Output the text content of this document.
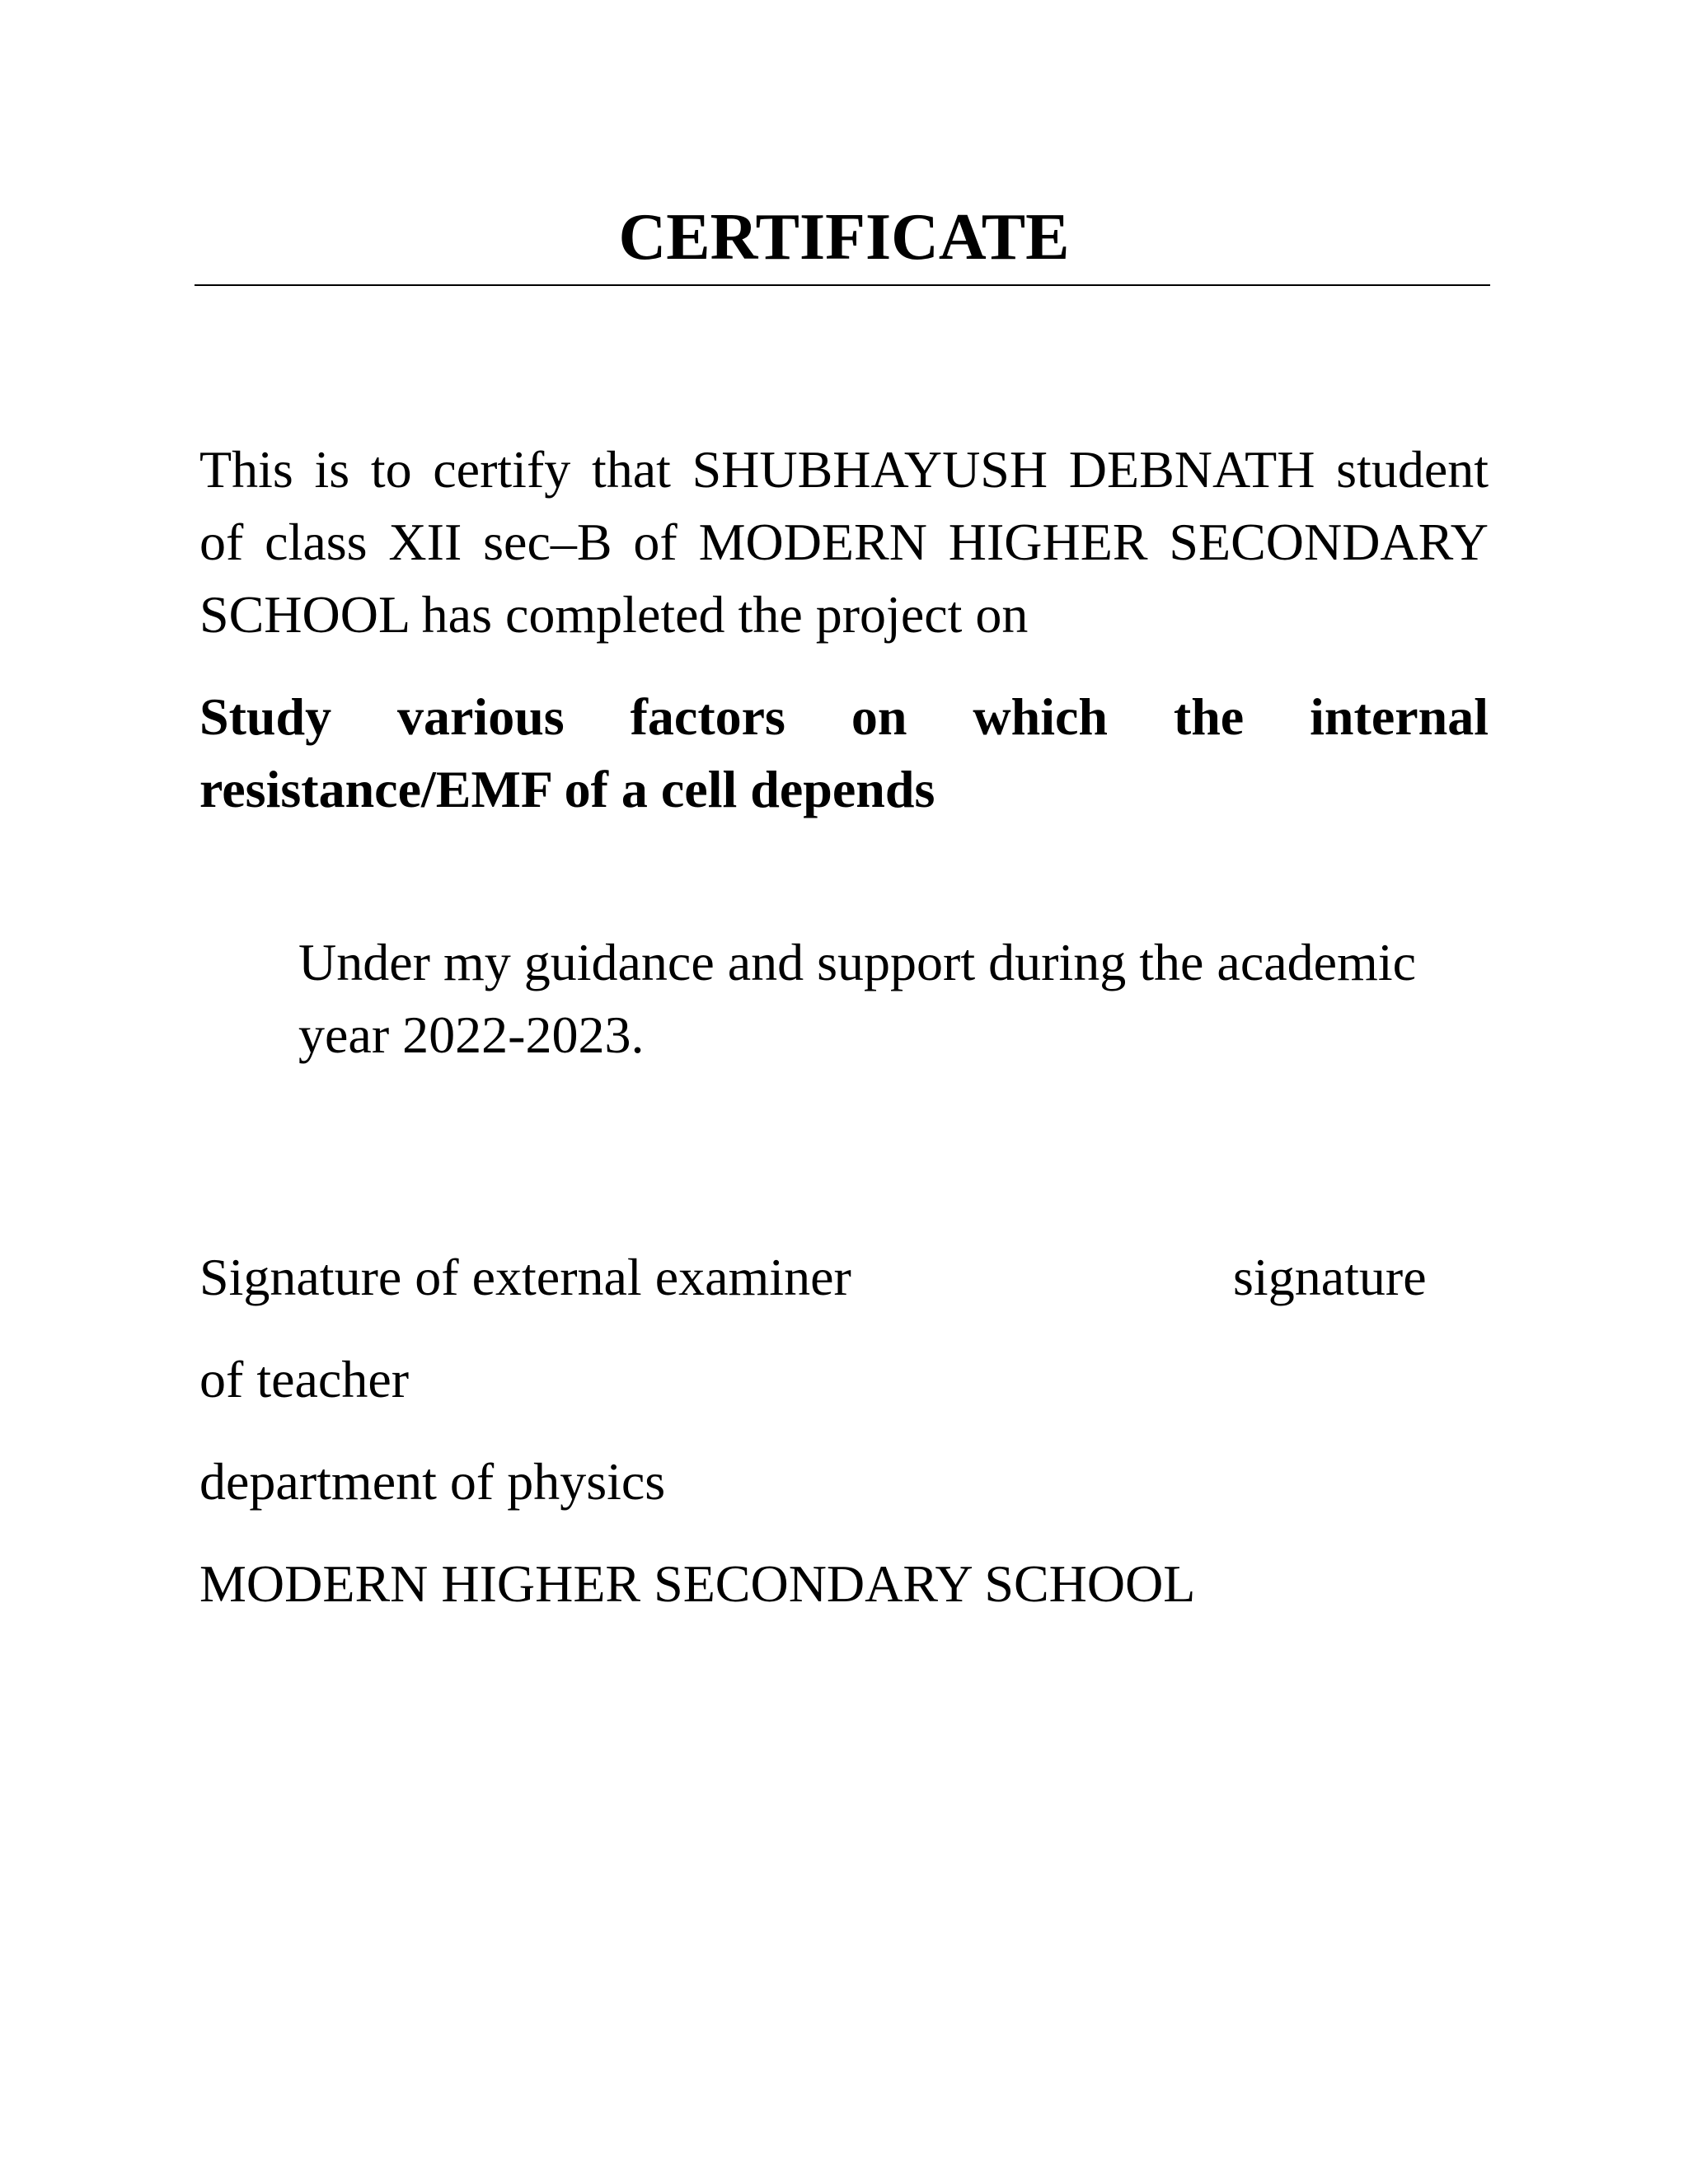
CERTIFICATE

This is to certify that SHUBHAYUSH DEBNATH student of class XII sec–B of MODERN HIGHER SECONDARY SCHOOL has completed the project on

Study various factors on which the internal resistance/EMF of a cell depends

Under my guidance and support during the academic year 2022-2023.

Signature of external examiner	signature

of teacher

department of physics

MODERN HIGHER SECONDARY SCHOOL
